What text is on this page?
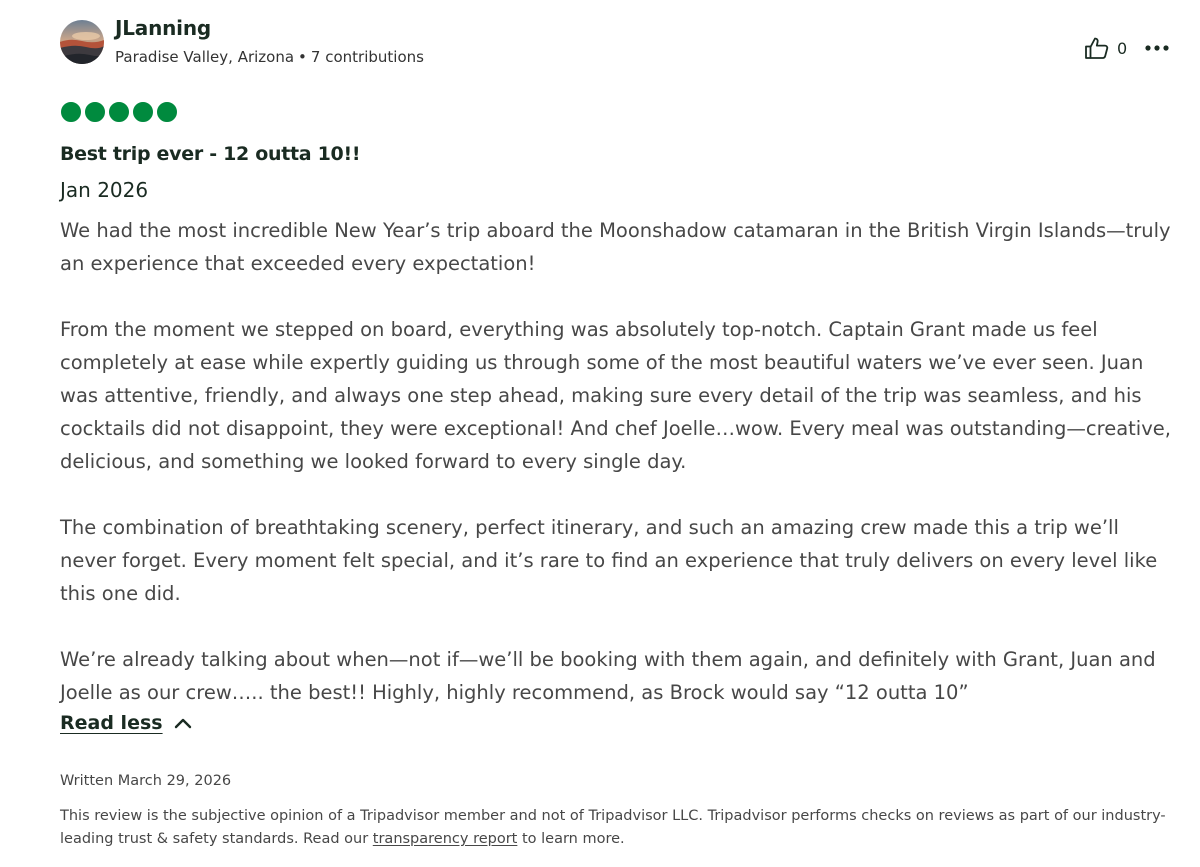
JLanning
Paradise Valley, Arizona • 7 contributions	0
Best trip ever - 12 outta 10!!
Jan 2026

We had the most incredible New Year’s trip aboard the Moonshadow catamaran in the British Virgin Islands—truly an experience that exceeded every expectation!

From the moment we stepped on board, everything was absolutely top-notch. Captain Grant made us feel completely at ease while expertly guiding us through some of the most beautiful waters we’ve ever seen. Juan was attentive, friendly, and always one step ahead, making sure every detail of the trip was seamless, and his cocktails did not disappoint, they were exceptional! And chef Joelle…wow. Every meal was outstanding—creative, delicious, and something we looked forward to every single day.

The combination of breathtaking scenery, perfect itinerary, and such an amazing crew made this a trip we’ll never forget. Every moment felt special, and it’s rare to find an experience that truly delivers on every level like this one did.

We’re already talking about when—not if—we’ll be booking with them again, and definitely with Grant, Juan and Joelle as our crew….. the best!! Highly, highly recommend, as Brock would say “12 outta 10”

Read less
Written March 29, 2026
This review is the subjective opinion of a Tripadvisor member and not of Tripadvisor LLC. Tripadvisor performs checks on reviews as part of our industry-leading trust & safety standards. Read our transparency report to learn more.
